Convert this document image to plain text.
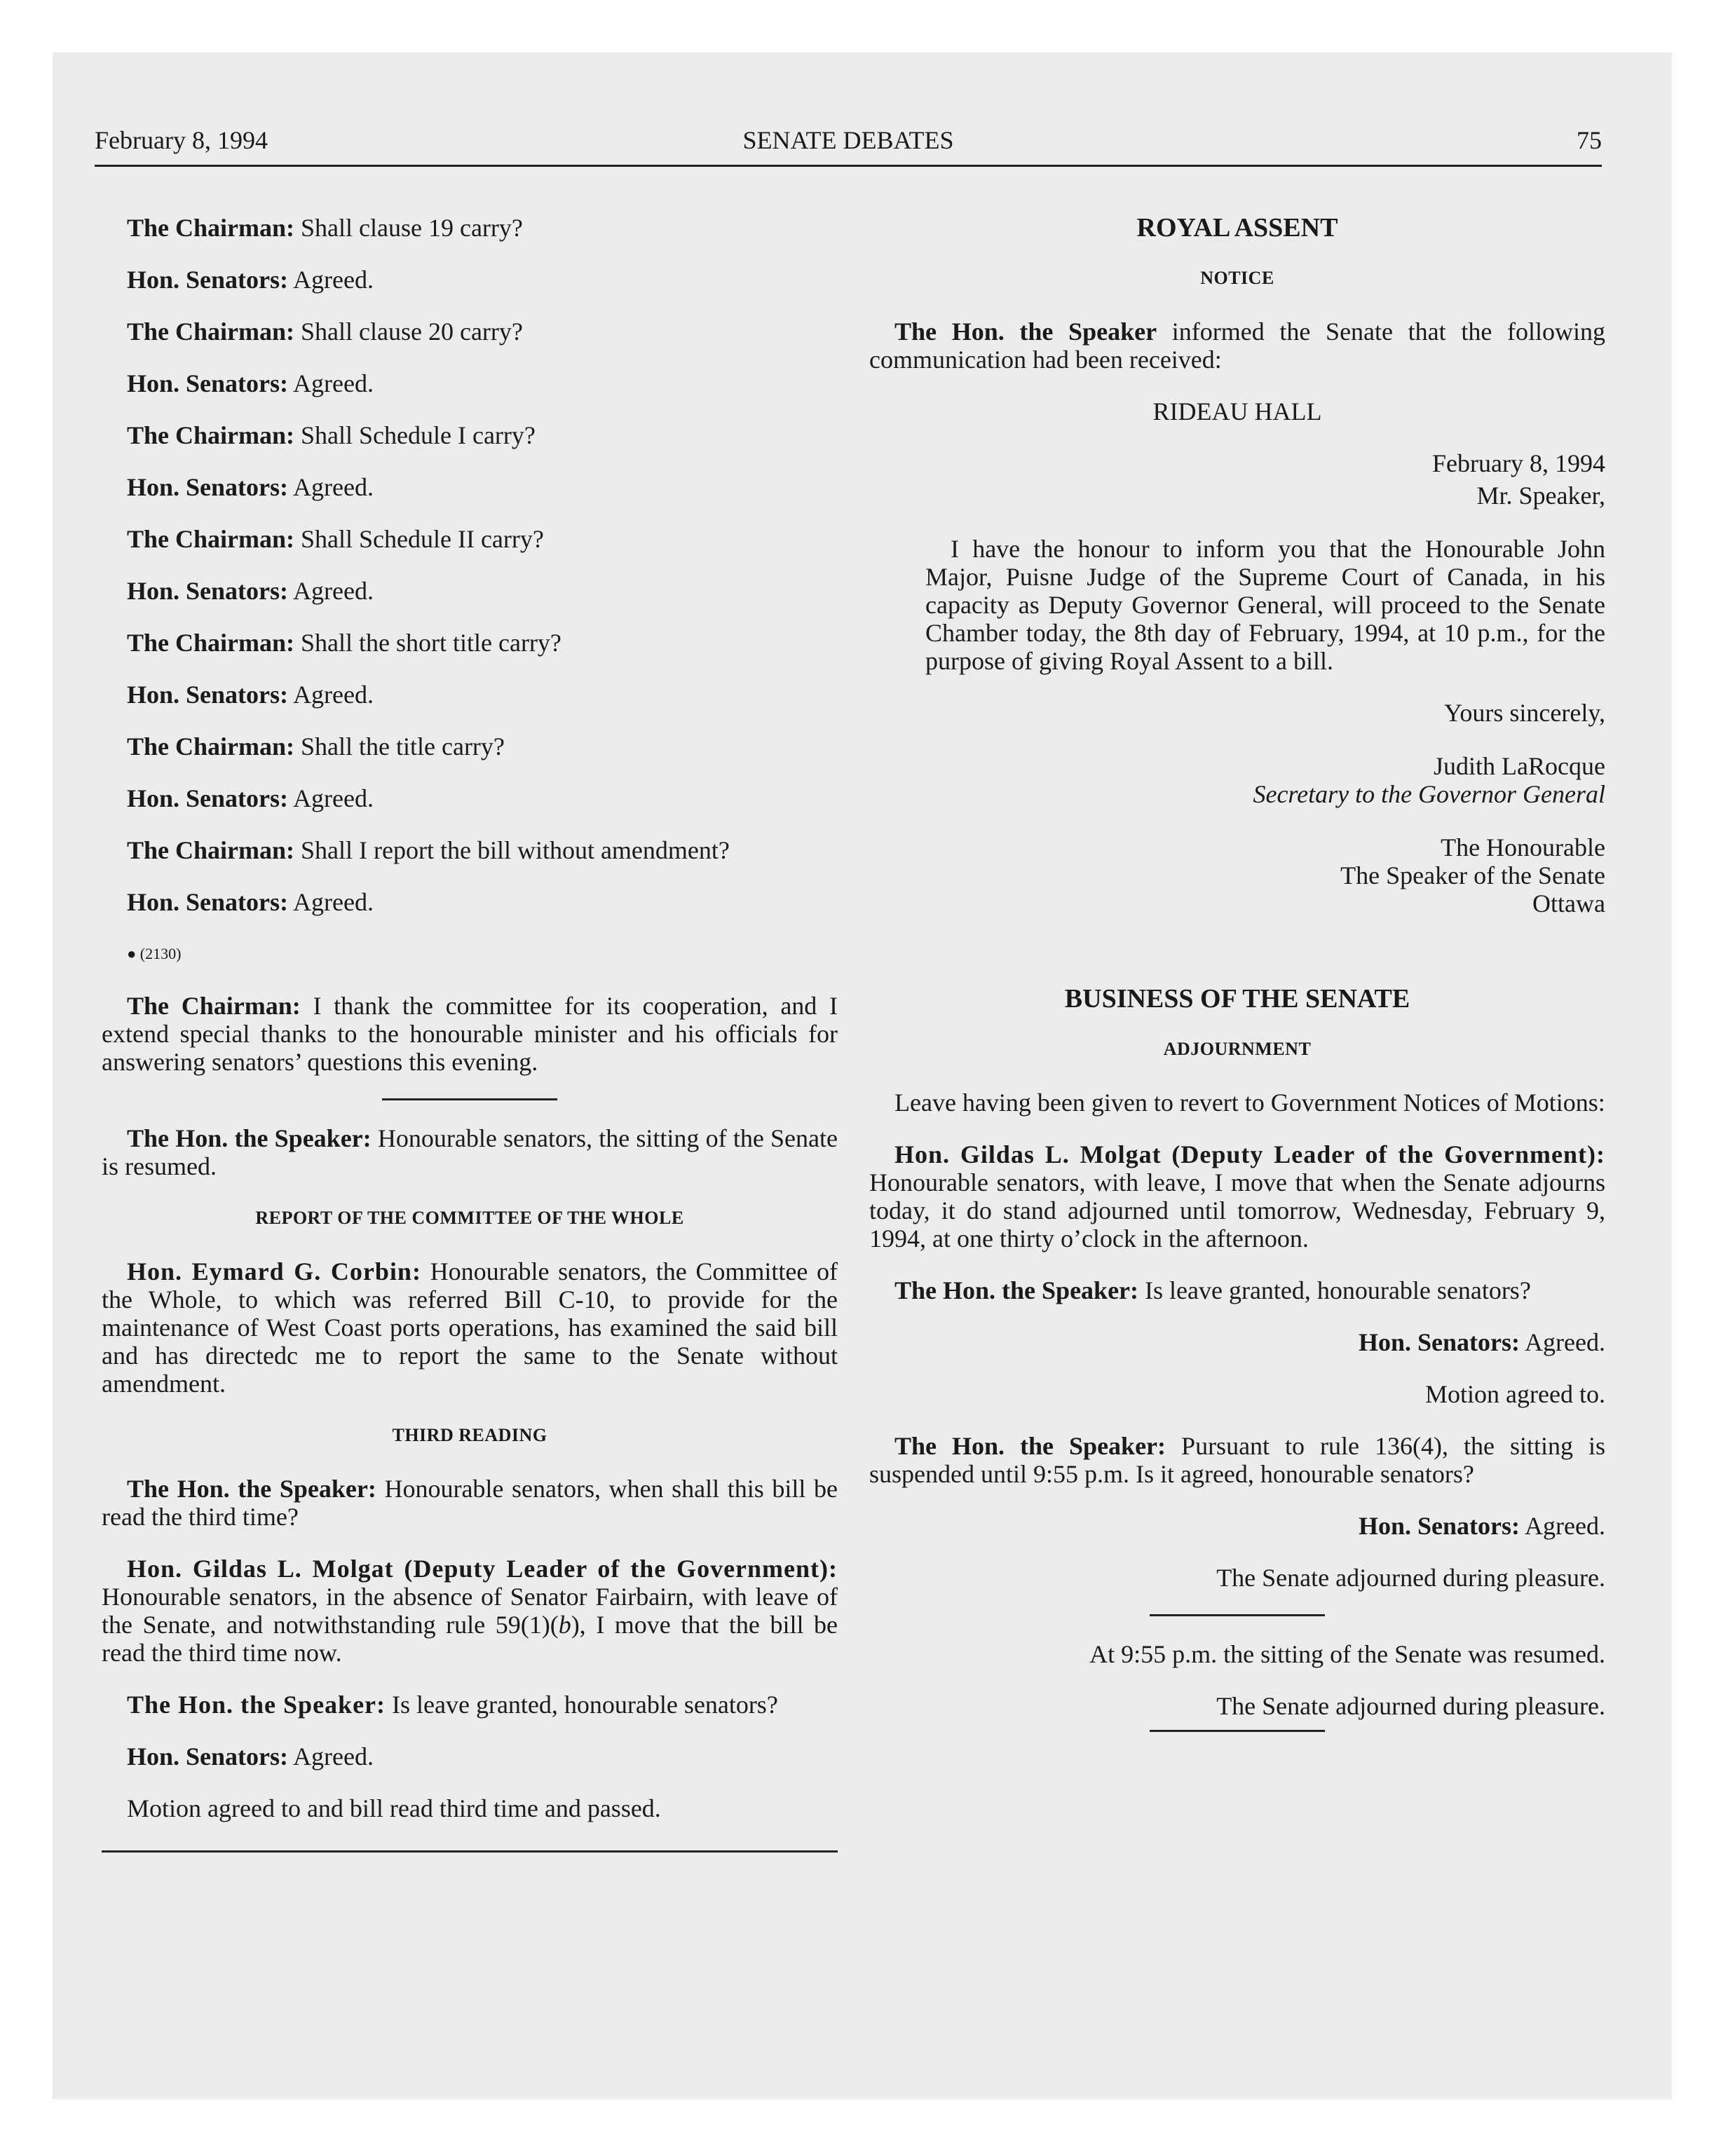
February 8, 1994	SENATE DEBATES	75

The Chairman: Shall clause 19 carry?

Hon. Senators: Agreed.

The Chairman: Shall clause 20 carry?

Hon. Senators: Agreed.

The Chairman: Shall Schedule I carry?

Hon. Senators: Agreed.

The Chairman: Shall Schedule II carry?

Hon. Senators: Agreed.

The Chairman: Shall the short title carry?

Hon. Senators: Agreed.

The Chairman: Shall the title carry?

Hon. Senators: Agreed.

The Chairman: Shall I report the bill without amendment?

Hon. Senators: Agreed.

● (2130)

The Chairman: I thank the committee for its cooperation, and I extend special thanks to the honourable minister and his officials for answering senators’ questions this evening.

The Hon. the Speaker: Honourable senators, the sitting of the Senate is resumed.

REPORT OF THE COMMITTEE OF THE WHOLE

Hon. Eymard G. Corbin: Honourable senators, the Committee of the Whole, to which was referred Bill C-10, to provide for the maintenance of West Coast ports operations, has examined the said bill and has directedc me to report the same to the Senate without amendment.

THIRD READING

The Hon. the Speaker: Honourable senators, when shall this bill be read the third time?

Hon. Gildas L. Molgat (Deputy Leader of the Government): Honourable senators, in the absence of Senator Fairbairn, with leave of the Senate, and notwithstanding rule 59(1)(b), I move that the bill be read the third time now.

The Hon. the Speaker: Is leave granted, honourable senators?

Hon. Senators: Agreed.

Motion agreed to and bill read third time and passed.

ROYAL ASSENT

NOTICE

The Hon. the Speaker informed the Senate that the following communication had been received:

RIDEAU HALL

February 8, 1994

Mr. Speaker,

I have the honour to inform you that the Honourable John Major, Puisne Judge of the Supreme Court of Canada, in his capacity as Deputy Governor General, will proceed to the Senate Chamber today, the 8th day of February, 1994, at 10 p.m., for the purpose of giving Royal Assent to a bill.

Yours sincerely,

Judith LaRocque

Secretary to the Governor General

The Honourable

The Speaker of the Senate

Ottawa

BUSINESS OF THE SENATE

ADJOURNMENT

Leave having been given to revert to Government Notices of Motions:

Hon. Gildas L. Molgat (Deputy Leader of the Government): Honourable senators, with leave, I move that when the Senate adjourns today, it do stand adjourned until tomorrow, Wednesday, February 9, 1994, at one thirty o’clock in the afternoon.

The Hon. the Speaker: Is leave granted, honourable senators?

Hon. Senators: Agreed.

Motion agreed to.

The Hon. the Speaker: Pursuant to rule 136(4), the sitting is suspended until 9:55 p.m. Is it agreed, honourable senators?

Hon. Senators: Agreed.

The Senate adjourned during pleasure.

At 9:55 p.m. the sitting of the Senate was resumed.

The Senate adjourned during pleasure.
